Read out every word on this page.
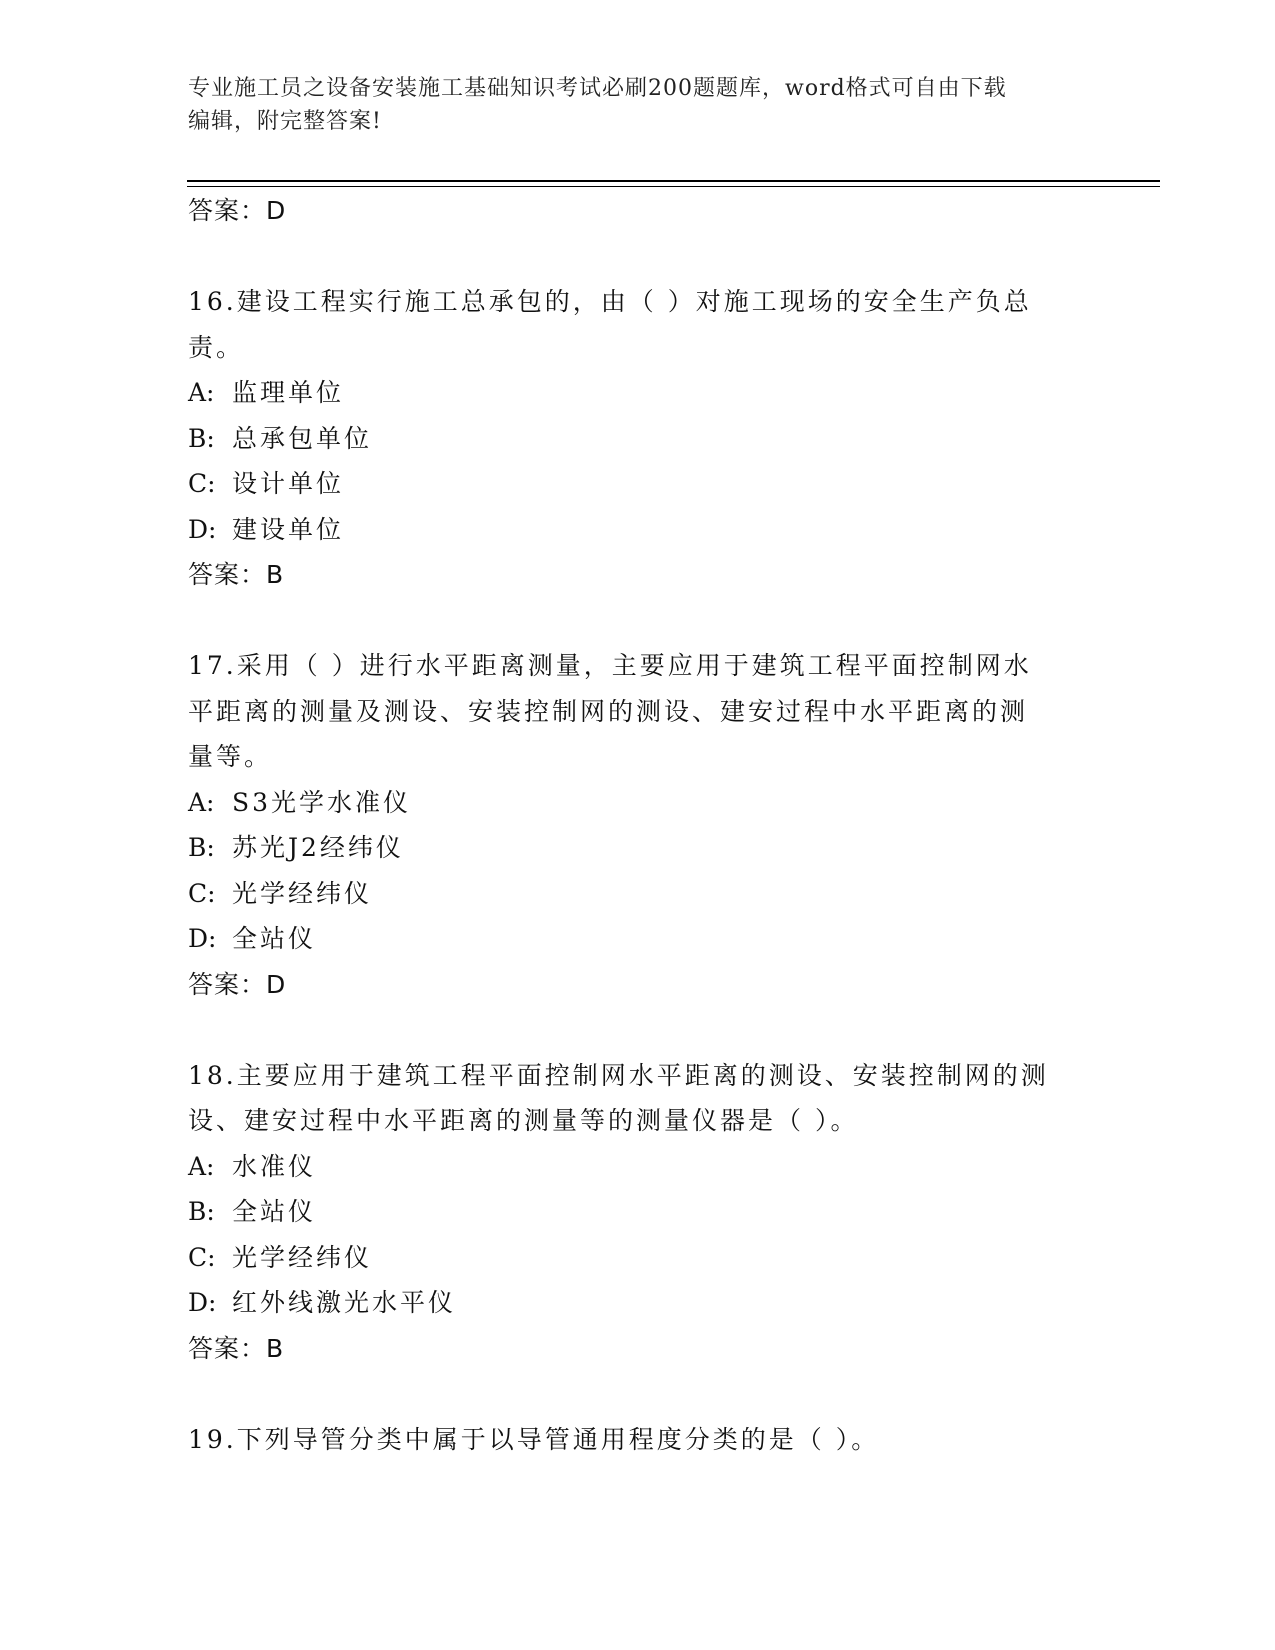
专业施工员之设备安装施工基础知识考试必刷200题题库，word格式可自由下载
编辑，附完整答案!
答案：D
16.建设工程实行施工总承包的，由（ ）对施工现场的安全生产负总
责。
A: 监理单位
B: 总承包单位
C: 设计单位
D: 建设单位
答案：B
17.采用（ ）进行水平距离测量，主要应用于建筑工程平面控制网水
平距离的测量及测设、安装控制网的测设、建安过程中水平距离的测
量等。
A: S3光学水准仪
B: 苏光J2经纬仪
C: 光学经纬仪
D: 全站仪
答案：D
18.主要应用于建筑工程平面控制网水平距离的测设、安装控制网的测
设、建安过程中水平距离的测量等的测量仪器是（ ）。
A: 水准仪
B: 全站仪
C: 光学经纬仪
D: 红外线激光水平仪
答案：B
19.下列导管分类中属于以导管通用程度分类的是（ ）。
